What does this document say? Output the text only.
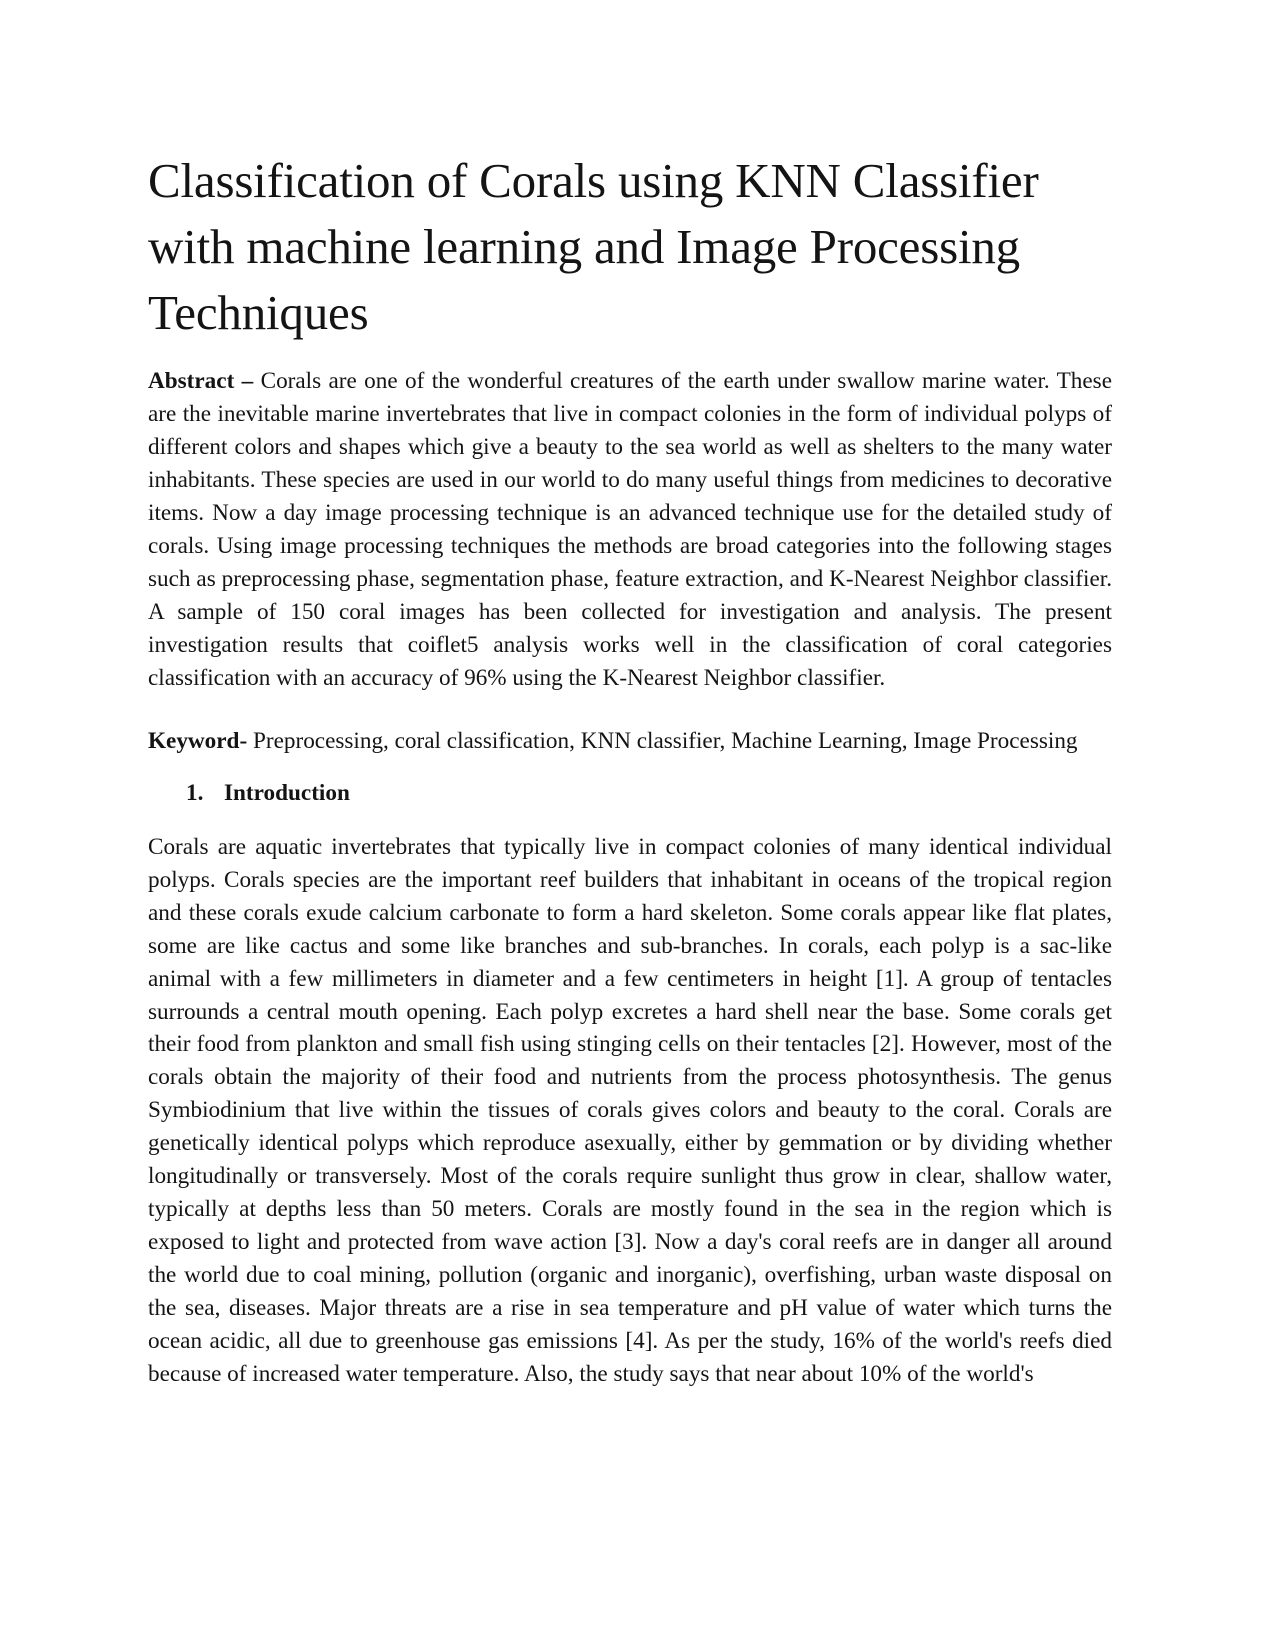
Classification of Corals using KNN Classifier with machine learning and Image Processing Techniques

Abstract – Corals are one of the wonderful creatures of the earth under swallow marine water. These are the inevitable marine invertebrates that live in compact colonies in the form of individual polyps of different colors and shapes which give a beauty to the sea world as well as shelters to the many water inhabitants. These species are used in our world to do many useful things from medicines to decorative items. Now a day image processing technique is an advanced technique use for the detailed study of corals. Using image processing techniques the methods are broad categories into the following stages such as preprocessing phase, segmentation phase, feature extraction, and K-Nearest Neighbor classifier. A sample of 150 coral images has been collected for investigation and analysis. The present investigation results that coiflet5 analysis works well in the classification of coral categories classification with an accuracy of 96% using the K-Nearest Neighbor classifier.

Keyword- Preprocessing, coral classification, KNN classifier, Machine Learning, Image Processing

1. Introduction

Corals are aquatic invertebrates that typically live in compact colonies of many identical individual polyps. Corals species are the important reef builders that inhabitant in oceans of the tropical region and these corals exude calcium carbonate to form a hard skeleton. Some corals appear like flat plates, some are like cactus and some like branches and sub-branches. In corals, each polyp is a sac-like animal with a few millimeters in diameter and a few centimeters in height [1]. A group of tentacles surrounds a central mouth opening. Each polyp excretes a hard shell near the base. Some corals get their food from plankton and small fish using stinging cells on their tentacles [2]. However, most of the corals obtain the majority of their food and nutrients from the process photosynthesis. The genus Symbiodinium that live within the tissues of corals gives colors and beauty to the coral. Corals are genetically identical polyps which reproduce asexually, either by gemmation or by dividing whether longitudinally or transversely. Most of the corals require sunlight thus grow in clear, shallow water, typically at depths less than 50 meters. Corals are mostly found in the sea in the region which is exposed to light and protected from wave action [3]. Now a day's coral reefs are in danger all around the world due to coal mining, pollution (organic and inorganic), overfishing, urban waste disposal on the sea, diseases. Major threats are a rise in sea temperature and pH value of water which turns the ocean acidic, all due to greenhouse gas emissions [4]. As per the study, 16% of the world's reefs died because of increased water temperature. Also, the study says that near about 10% of the world's
